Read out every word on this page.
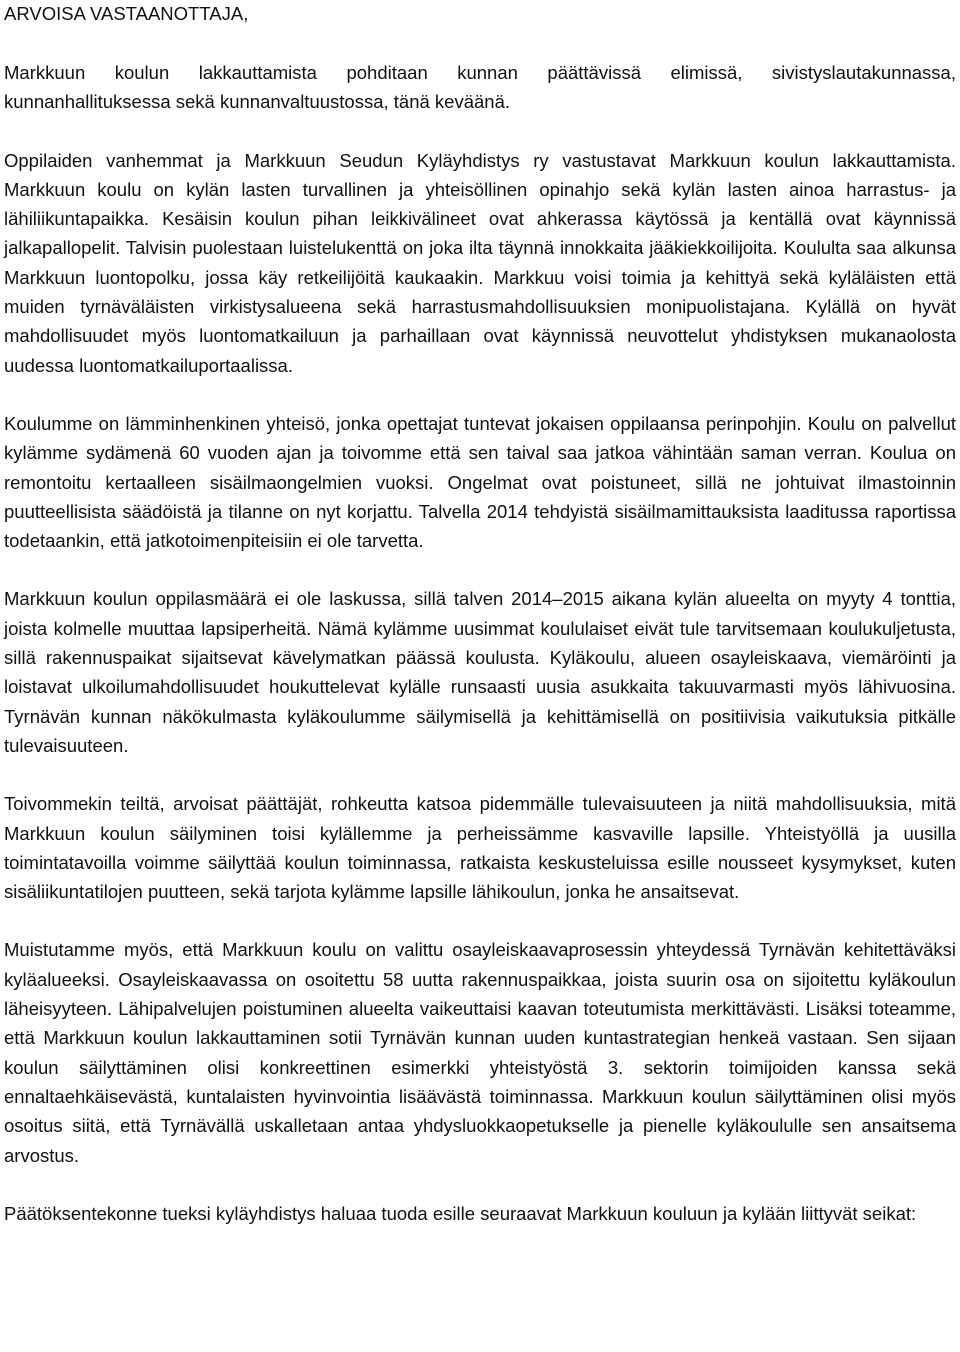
ARVOISA VASTAANOTTAJA,

Markkuun koulun lakkauttamista pohditaan kunnan päättävissä elimissä, sivistyslautakunnassa, kunnanhallituksessa sekä kunnanvaltuustossa, tänä keväänä.

Oppilaiden vanhemmat ja Markkuun Seudun Kyläyhdistys ry vastustavat Markkuun koulun lakkauttamista. Markkuun koulu on kylän lasten turvallinen ja yhteisöllinen opinahjo sekä kylän lasten ainoa harrastus- ja lähiliikuntapaikka. Kesäisin koulun pihan leikkivälineet ovat ahkerassa käytössä ja kentällä ovat käynnissä jalkapallopelit. Talvisin puolestaan luistelukenttä on joka ilta täynnä innokkaita jääkiekkoilijoita. Koululta saa alkunsa Markkuun luontopolku, jossa käy retkeilijöitä kaukaakin. Markkuu voisi toimia ja kehittyä sekä kyläläisten että muiden tyrnäväläisten virkistysalueena sekä harrastusmahdollisuuksien monipuolistajana. Kylällä on hyvät mahdollisuudet myös luontomatkailuun ja parhaillaan ovat käynnissä neuvottelut yhdistyksen mukanaolosta uudessa luontomatkailuportaalissa.

Koulumme on lämminhenkinen yhteisö, jonka opettajat tuntevat jokaisen oppilaansa perinpohjin. Koulu on palvellut kylämme sydämenä 60 vuoden ajan ja toivomme että sen taival saa jatkoa vähintään saman verran. Koulua on remontoitu kertaalleen sisäilmaongelmien vuoksi. Ongelmat ovat poistuneet, sillä ne johtuivat ilmastoinnin puutteellisista säädöistä ja tilanne on nyt korjattu. Talvella 2014 tehdyistä sisäilmamittauksista laaditussa raportissa todetaankin, että jatkotoimenpiteisiin ei ole tarvetta.

Markkuun koulun oppilasmäärä ei ole laskussa, sillä talven 2014–2015 aikana kylän alueelta on myyty 4 tonttia, joista kolmelle muuttaa lapsiperheitä. Nämä kylämme uusimmat koululaiset eivät tule tarvitsemaan koulukuljetusta, sillä rakennuspaikat sijaitsevat kävelymatkan päässä koulusta. Kyläkoulu, alueen osayleiskaava, viemäröinti ja loistavat ulkoilumahdollisuudet houkuttelevat kylälle runsaasti uusia asukkaita takuuvarmasti myös lähivuosina. Tyrnävän kunnan näkökulmasta kyläkoulumme säilymisellä ja kehittämisellä on positiivisia vaikutuksia pitkälle tulevaisuuteen.

Toivommekin teiltä, arvoisat päättäjät, rohkeutta katsoa pidemmälle tulevaisuuteen ja niitä mahdollisuuksia, mitä Markkuun koulun säilyminen toisi kylällemme ja perheissämme kasvaville lapsille. Yhteistyöllä ja uusilla toimintatavoilla voimme säilyttää koulun toiminnassa, ratkaista keskusteluissa esille nousseet kysymykset, kuten sisäliikuntatilojen puutteen, sekä tarjota kylämme lapsille lähikoulun, jonka he ansaitsevat.

Muistutamme myös, että Markkuun koulu on valittu osayleiskaavaprosessin yhteydessä Tyrnävän kehitettäväksi kyläalueeksi. Osayleiskaavassa on osoitettu 58 uutta rakennuspaikkaa, joista suurin osa on sijoitettu kyläkoulun läheisyyteen. Lähipalvelujen poistuminen alueelta vaikeuttaisi kaavan toteutumista merkittävästi. Lisäksi toteamme, että Markkuun koulun lakkauttaminen sotii Tyrnävän kunnan uuden kuntastrategian henkeä vastaan. Sen sijaan koulun säilyttäminen olisi konkreettinen esimerkki yhteistyöstä 3. sektorin toimijoiden kanssa sekä ennaltaehkäisevästä, kuntalaisten hyvinvointia lisäävästä toiminnassa. Markkuun koulun säilyttäminen olisi myös osoitus siitä, että Tyrnävällä uskalletaan antaa yhdysluokkaopetukselle ja pienelle kyläkoululle sen ansaitsema arvostus.

Päätöksentekonne tueksi kyläyhdistys haluaa tuoda esille seuraavat Markkuun kouluun ja kylään liittyvät seikat:
